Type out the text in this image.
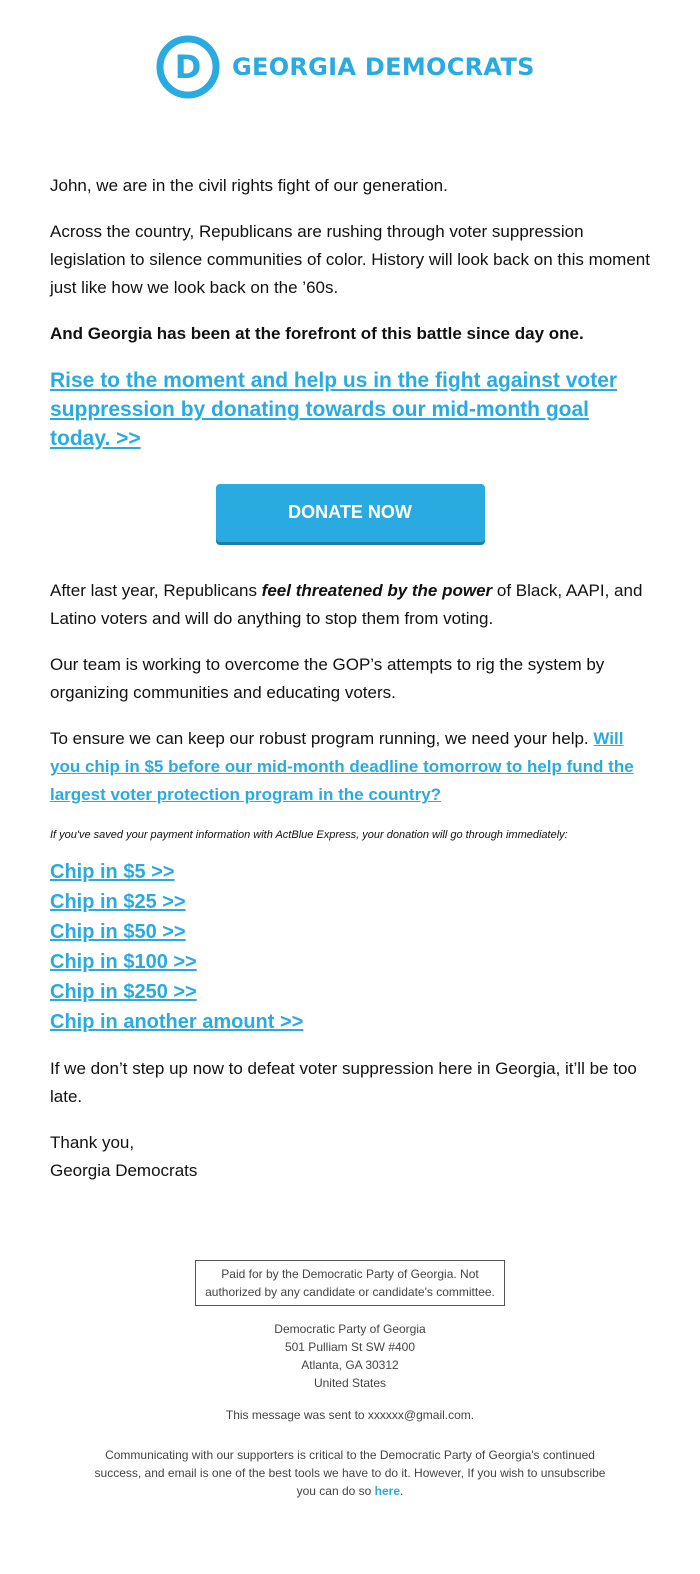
D GEORGIA DEMOCRATS

John, we are in the civil rights fight of our generation.

Across the country, Republicans are rushing through voter suppression legislation to silence communities of color. History will look back on this moment just like how we look back on the ’60s.

And Georgia has been at the forefront of this battle since day one.

Rise to the moment and help us in the fight against voter suppression by donating towards our mid-month goal today. >>
DONATE NOW

After last year, Republicans feel threatened by the power of Black, AAPI, and Latino voters and will do anything to stop them from voting.

Our team is working to overcome the GOP’s attempts to rig the system by organizing communities and educating voters.

To ensure we can keep our robust program running, we need your help. Will you chip in $5 before our mid-month deadline tomorrow to help fund the largest voter protection program in the country?

If you've saved your payment information with ActBlue Express, your donation will go through immediately:

Chip in $5 >>
Chip in $25 >>
Chip in $50 >>
Chip in $100 >>
Chip in $250 >>
Chip in another amount >>

If we don’t step up now to defeat voter suppression here in Georgia, it’ll be too late.

Thank you,

Georgia Democrats

Paid for by the Democratic Party of Georgia. Not authorized by any candidate or candidate's committee.
Democratic Party of Georgia
501 Pulliam St SW #400
Atlanta, GA 30312
United States
This message was sent to xxxxxx@gmail.com.
Communicating with our supporters is critical to the Democratic Party of Georgia's continued success, and email is one of the best tools we have to do it. However, If you wish to unsubscribe you can do so here.
